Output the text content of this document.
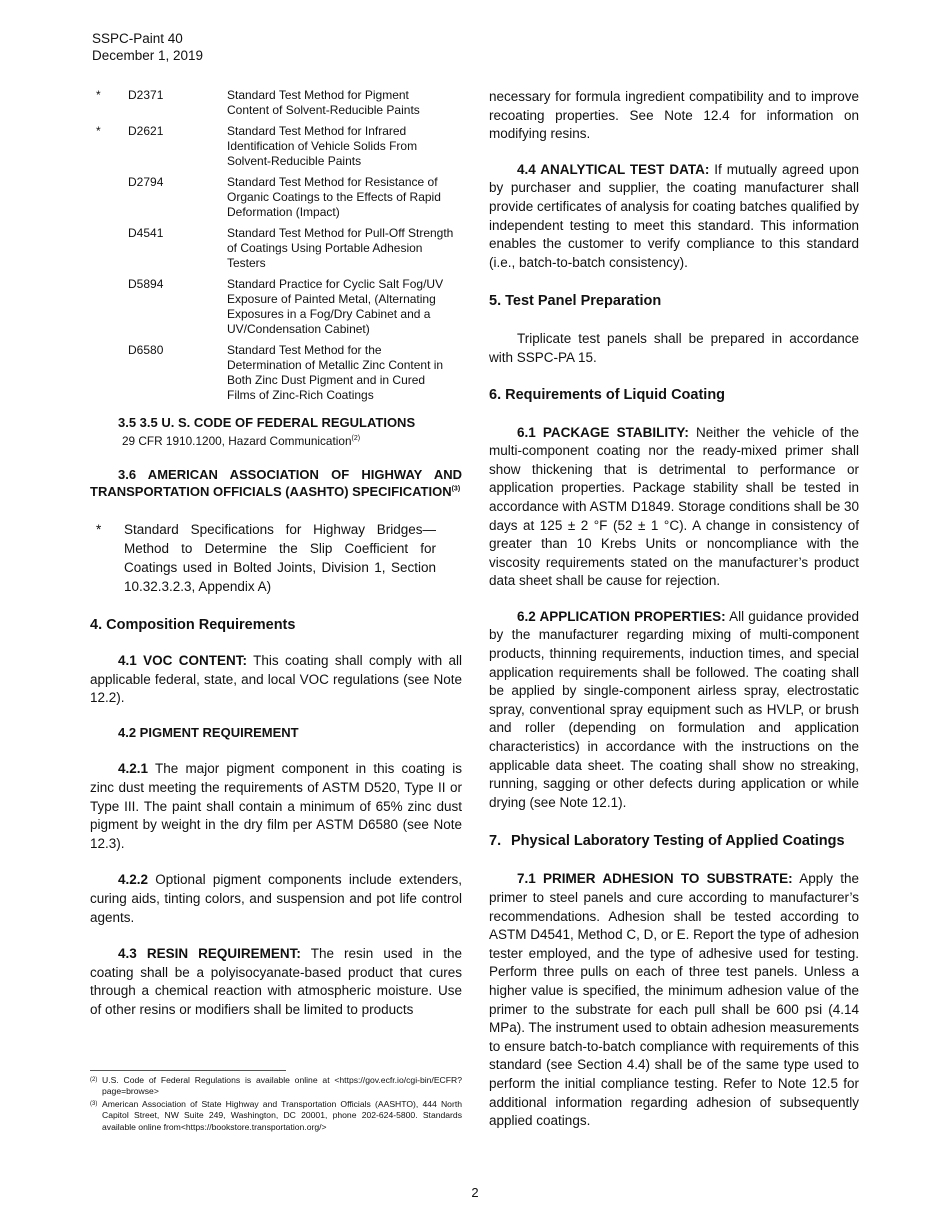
SSPC-Paint 40
December 1, 2019
*	D2371	Standard Test Method for Pigment Content of Solvent-Reducible Paints
*	D2621	Standard Test Method for Infrared Identification of Vehicle Solids From Solvent-Reducible Paints
D2794	Standard Test Method for Resistance of Organic Coatings to the Effects of Rapid Deformation (Impact)
D4541	Standard Test Method for Pull-Off Strength of Coatings Using Portable Adhesion Testers
D5894	Standard Practice for Cyclic Salt Fog/UV Exposure of Painted Metal, (Alternating Exposures in a Fog/Dry Cabinet and a UV/Condensation Cabinet)
D6580	Standard Test Method for the Determination of Metallic Zinc Content in Both Zinc Dust Pigment and in Cured Films of Zinc-Rich Coatings
3.5 3.5 U. S. CODE OF FEDERAL REGULATIONS
29 CFR 1910.1200, Hazard Communication$^{(2)}$

3.6 AMERICAN ASSOCIATION OF HIGHWAY AND TRANSPORTATION OFFICIALS (AASHTO) SPECIFICATION$^{(3)}$

*	Standard Specifications for Highway Bridges—Method to Determine the Slip Coefficient for Coatings used in Bolted Joints, Division 1, Section 10.32.3.2.3, Appendix A)
4. Composition Requirements

4.1 VOC CONTENT: This coating shall comply with all applicable federal, state, and local VOC regulations (see Note 12.2).

4.2 PIGMENT REQUIREMENT

4.2.1 The major pigment component in this coating is zinc dust meeting the requirements of ASTM D520, Type II or Type III. The paint shall contain a minimum of 65% zinc dust pigment by weight in the dry film per ASTM D6580 (see Note 12.3).

4.2.2 Optional pigment components include extenders, curing aids, tinting colors, and suspension and pot life control agents.

4.3 RESIN REQUIREMENT: The resin used in the coating shall be a polyisocyanate-based product that cures through a chemical reaction with atmospheric moisture. Use of other resins or modifiers shall be limited to products

(2) U.S. Code of Federal Regulations is available online at <https://gov.ecfr.io/cgi-bin/ECFR?page=browse>
(3) American Association of State Highway and Transportation Officials (AASHTO), 444 North Capitol Street, NW Suite 249, Washington, DC 20001, phone 202-624-5800. Standards available online from<https://bookstore.transportation.org/>

necessary for formula ingredient compatibility and to improve recoating properties. See Note 12.4 for information on modifying resins.

4.4 ANALYTICAL TEST DATA: If mutually agreed upon by purchaser and supplier, the coating manufacturer shall provide certificates of analysis for coating batches qualified by independent testing to meet this standard. This information enables the customer to verify compliance to this standard (i.e., batch-to-batch consistency).

5. Test Panel Preparation

Triplicate test panels shall be prepared in accordance with SSPC-PA 15.

6. Requirements of Liquid Coating

6.1 PACKAGE STABILITY: Neither the vehicle of the multi-component coating nor the ready-mixed primer shall show thickening that is detrimental to performance or application properties. Package stability shall be tested in accordance with ASTM D1849. Storage conditions shall be 30 days at 125 ± 2 °F (52 ± 1 °C). A change in consistency of greater than 10 Krebs Units or noncompliance with the viscosity requirements stated on the manufacturer’s product data sheet shall be cause for rejection.

6.2 APPLICATION PROPERTIES: All guidance provided by the manufacturer regarding mixing of multi-component products, thinning requirements, induction times, and special application requirements shall be followed. The coating shall be applied by single-component airless spray, electrostatic spray, conventional spray equipment such as HVLP, or brush and roller (depending on formulation and application characteristics) in accordance with the instructions on the applicable data sheet. The coating shall show no streaking, running, sagging or other defects during application or while drying (see Note 12.1).

7. Physical Laboratory Testing of Applied Coatings

7.1 PRIMER ADHESION TO SUBSTRATE: Apply the primer to steel panels and cure according to manufacturer’s recommendations. Adhesion shall be tested according to ASTM D4541, Method C, D, or E. Report the type of adhesion tester employed, and the type of adhesive used for testing. Perform three pulls on each of three test panels. Unless a higher value is specified, the minimum adhesion value of the primer to the substrate for each pull shall be 600 psi (4.14 MPa). The instrument used to obtain adhesion measurements to ensure batch-to-batch compliance with requirements of this standard (see Section 4.4) shall be of the same type used to perform the initial compliance testing. Refer to Note 12.5 for additional information regarding adhesion of subsequently applied coatings.

2
